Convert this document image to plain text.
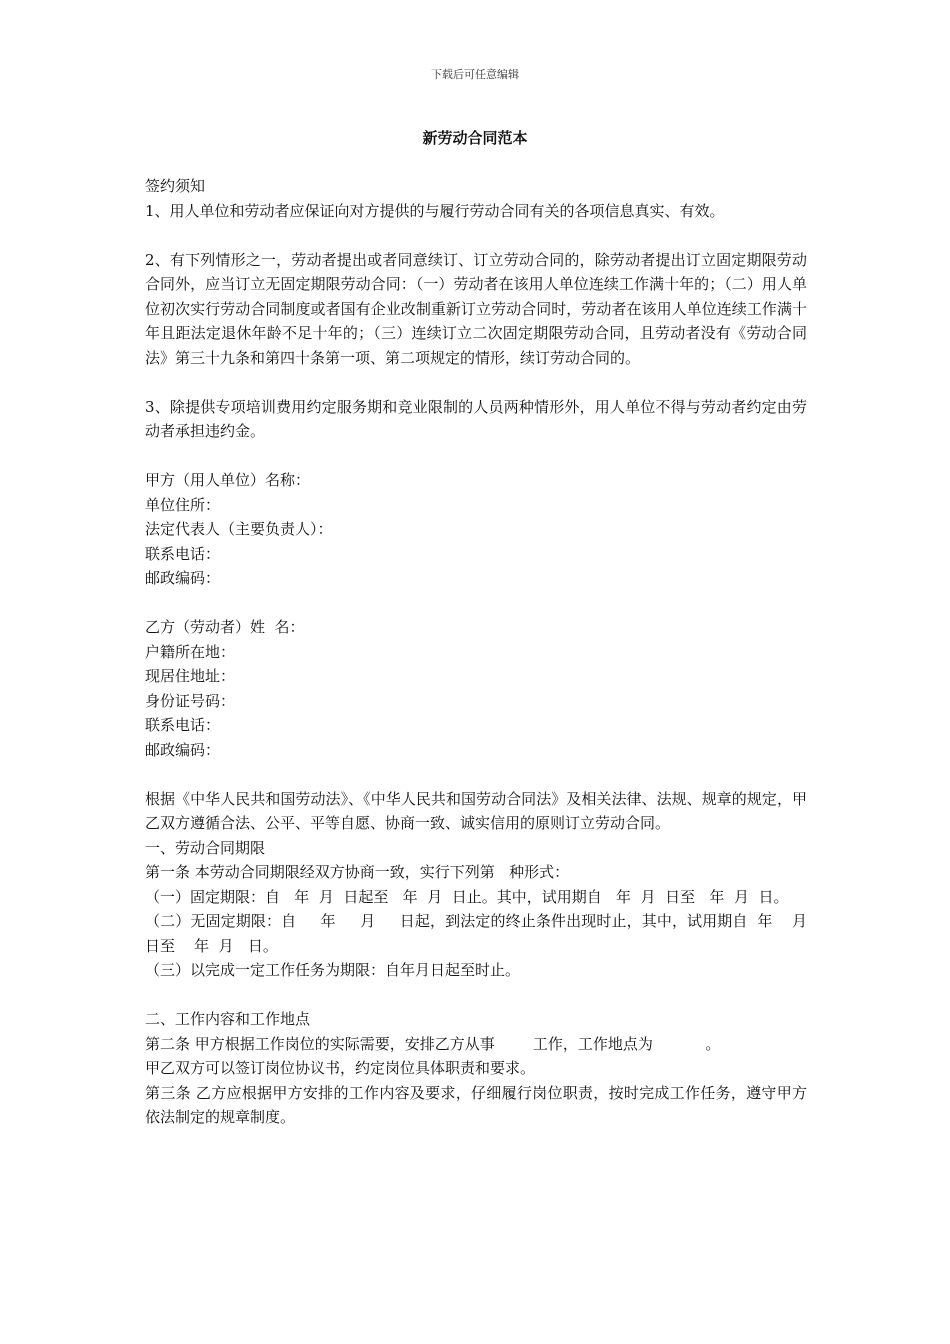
下载后可任意编辑
新劳动合同范本

签约须知

1、用人单位和劳动者应保证向对方提供的与履行劳动合同有关的各项信息真实、有效。

2、有下列情形之一，劳动者提出或者同意续订、订立劳动合同的，除劳动者提出订立固定期限劳动合同外，应当订立无固定期限劳动合同：（一）劳动者在该用人单位连续工作满十年的；（二）用人单位初次实行劳动合同制度或者国有企业改制重新订立劳动合同时，劳动者在该用人单位连续工作满十年且距法定退休年龄不足十年的；（三）连续订立二次固定期限劳动合同，且劳动者没有《劳动合同法》第三十九条和第四十条第一项、第二项规定的情形，续订劳动合同的。

3、除提供专项培训费用约定服务期和竞业限制的人员两种情形外，用人单位不得与劳动者约定由劳动者承担违约金。

甲方（用人单位）名称：

单位住所：

法定代表人（主要负责人）：

联系电话：

邮政编码：

乙方（劳动者）姓  名：

户籍所在地：

现居住地址：

身份证号码：

联系电话：

邮政编码：

根据《中华人民共和国劳动法》、《中华人民共和国劳动合同法》及相关法律、法规、规章的规定，甲乙双方遵循合法、公平、平等自愿、协商一致、诚实信用的原则订立劳动合同。

一、劳动合同期限

第一条 本劳动合同期限经双方协商一致，实行下列第   种形式：

（一）固定期限：自   年  月  日起至   年  月  日止。其中，试用期自   年  月  日至   年  月  日。

（二）无固定期限：自     年     月     日起，到法定的终止条件出现时止，其中，试用期自  年    月   日至    年  月   日。

（三）以完成一定工作任务为期限：自年月日起至时止。

二、工作内容和工作地点

第二条 甲方根据工作岗位的实际需要，安排乙方从事        工作，工作地点为           。

甲乙双方可以签订岗位协议书，约定岗位具体职责和要求。

第三条 乙方应根据甲方安排的工作内容及要求，仔细履行岗位职责，按时完成工作任务，遵守甲方依法制定的规章制度。
